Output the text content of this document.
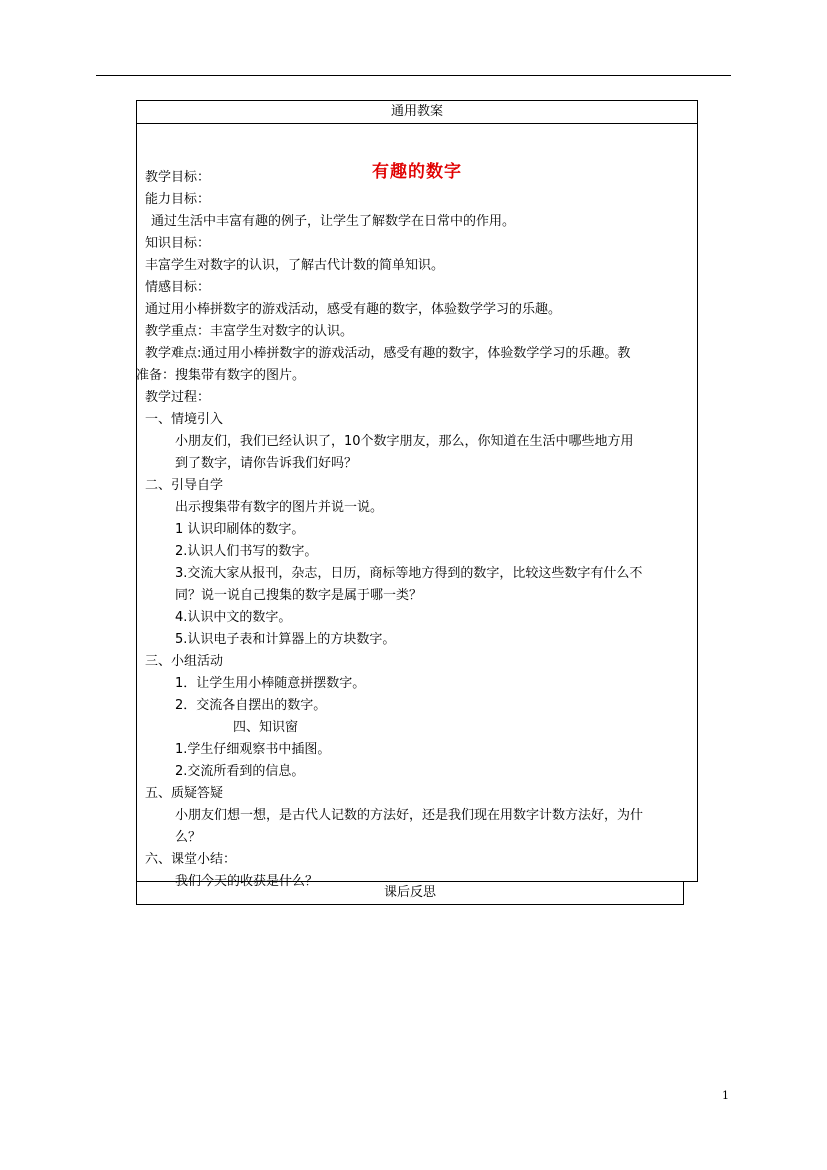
通用教案
有趣的数字
教学目标：
能力目标：
通过生活中丰富有趣的例子，让学生了解数学在日常中的作用。
知识目标：
丰富学生对数字的认识，了解古代计数的简单知识。
情感目标：
通过用小棒拼数字的游戏活动，感受有趣的数字，体验数学学习的乐趣。
教学重点：丰富学生对数字的认识。
教学难点:通过用小棒拼数字的游戏活动，感受有趣的数字，体验数学学习的乐趣。教
准备：搜集带有数字的图片。
教学过程：
一、情境引入
小朋友们，我们已经认识了，10个数字朋友，那么，你知道在生活中哪些地方用
到了数字，请你告诉我们好吗？
二、引导自学
出示搜集带有数字的图片并说一说。
1 认识印刷体的数字。
2.认识人们书写的数字。
3.交流大家从报刊，杂志，日历，商标等地方得到的数字，比较这些数字有什么不
同？说一说自己搜集的数字是属于哪一类？
4.认识中文的数字。
5.认识电子表和计算器上的方块数字。
三、小组活动
1．让学生用小棒随意拼摆数字。
2．交流各自摆出的数字。
四、知识窗
1.学生仔细观察书中插图。
2.交流所看到的信息。
五、质疑答疑
小朋友们想一想，是古代人记数的方法好，还是我们现在用数字计数方法好，为什
么？
六、课堂小结：
我们今天的收获是什么？
课后反思
1
